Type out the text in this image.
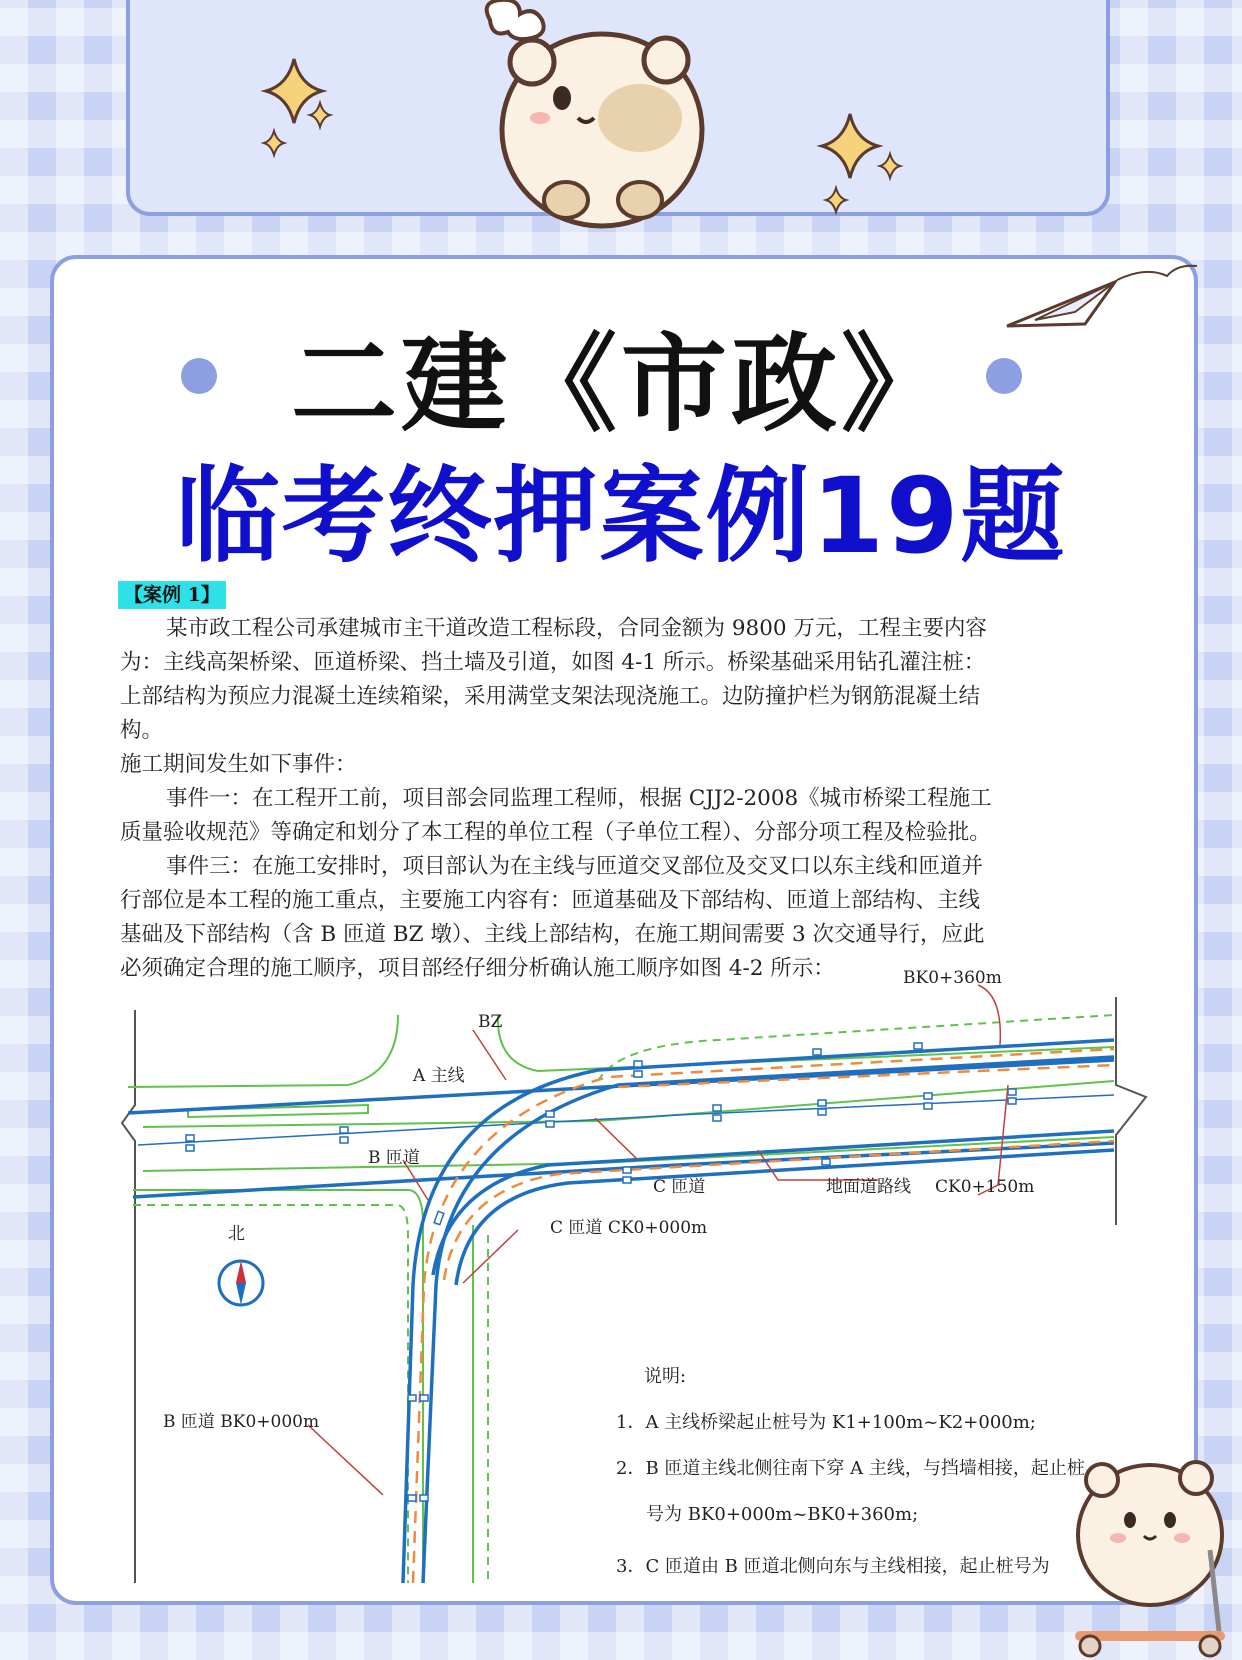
二建《市政》
临考终押案例19题
【案例 1】

某市政工程公司承建城市主干道改造工程标段，合同金额为 9800 万元，工程主要内容

为：主线高架桥梁、匝道桥梁、挡土墙及引道，如图 4-1 所示。桥梁基础采用钻孔灌注桩：

上部结构为预应力混凝土连续箱梁，采用满堂支架法现浇施工。边防撞护栏为钢筋混凝土结

构。

施工期间发生如下事件：

事件一：在工程开工前，项目部会同监理工程师，根据 CJJ2-2008《城市桥梁工程施工

质量验收规范》等确定和划分了本工程的单位工程（子单位工程）、分部分项工程及检验批。

事件三：在施工安排时，项目部认为在主线与匝道交叉部位及交叉口以东主线和匝道并

行部位是本工程的施工重点，主要施工内容有：匝道基础及下部结构、匝道上部结构、主线

基础及下部结构（含 B 匝道 BZ 墩）、主线上部结构，在施工期间需要 3 次交通导行，应此

必须确定合理的施工顺序，项目部经仔细分析确认施工顺序如图 4-2 所示：	BK0+360m
BZ
A 主线
B 匝道
C 匝道	地面道路线 CK0+150m
C 匝道 CK0+000m
北
B 匝道 BK0+000m
说明:
1．A 主线桥梁起止桩号为 K1+100m~K2+000m;
2．B 匝道主线北侧往南下穿 A 主线，与挡墙相接，起止桩
号为 BK0+000m~BK0+360m;
3．C 匝道由 B 匝道北侧向东与主线相接，起止桩号为
